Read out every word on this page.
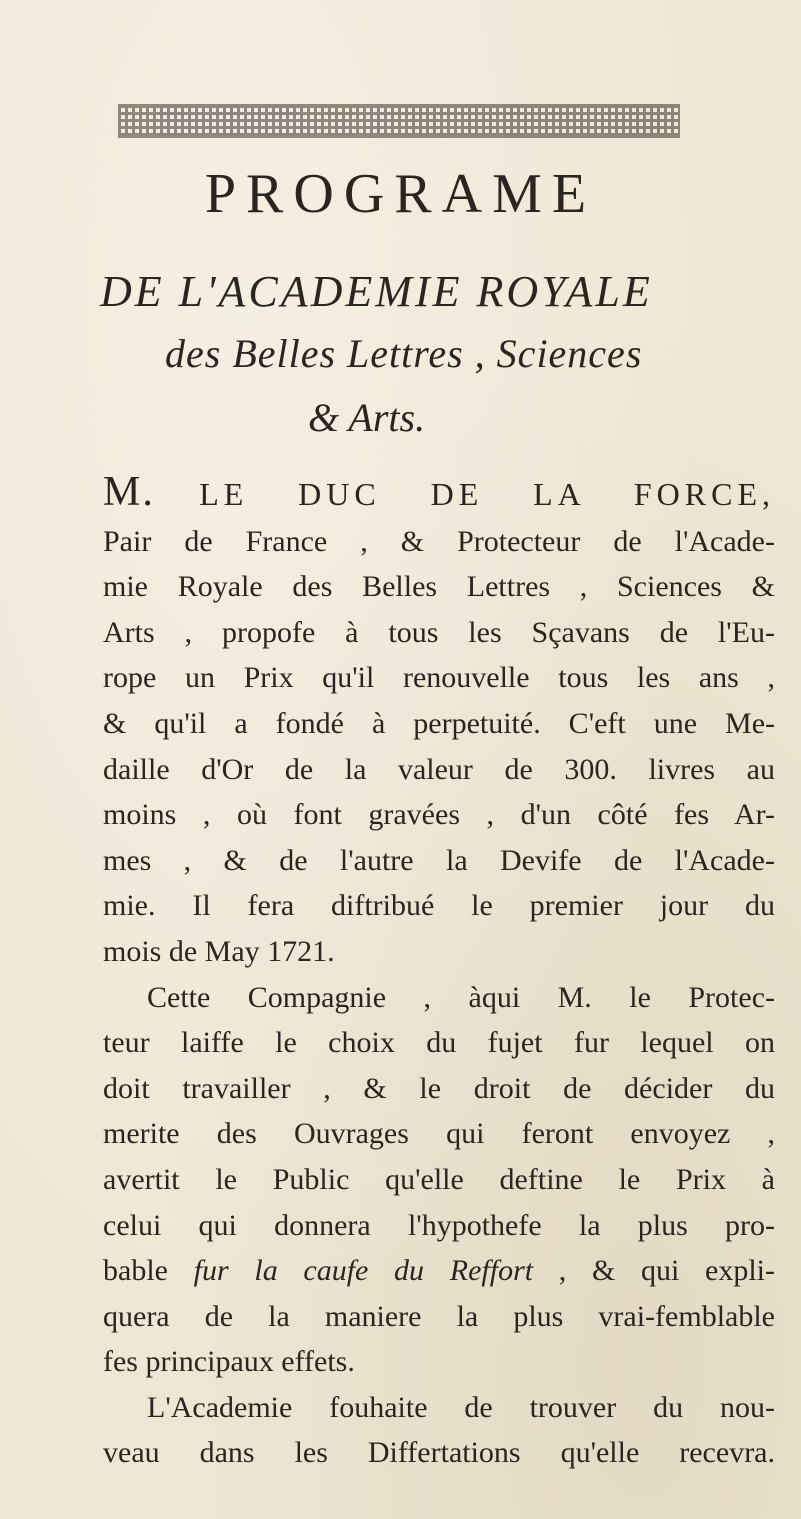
PROGRAME
DE L'ACADEMIE ROYALE
des Belles Lettres , Sciences
& Arts.

M. LE DUC DE LA FORCE,

Pair de France , & Protecteur de l'Acade-

mie Royale des Belles Lettres , Sciences &

Arts , propofe à tous les Sçavans de l'Eu-

rope un Prix qu'il renouvelle tous les ans ,

& qu'il a fondé à perpetuité. C'eft une Me-

daille d'Or de la valeur de 300. livres au

moins , où font gravées , d'un côté fes Ar-

mes , & de l'autre la Devife de l'Acade-

mie. Il fera diftribué le premier jour du

mois de May 1721.

Cette Compagnie , àqui M. le Protec-

teur laiffe le choix du fujet fur lequel on

doit travailler , & le droit de décider du

merite des Ouvrages qui feront envoyez ,

avertit le Public qu'elle deftine le Prix à

celui qui donnera l'hypothefe la plus pro-

bable fur la caufe du Reffort , & qui expli-

quera de la maniere la plus vrai-femblable

fes principaux effets.

L'Academie fouhaite de trouver du nou-

veau dans les Differtations qu'elle recevra.
